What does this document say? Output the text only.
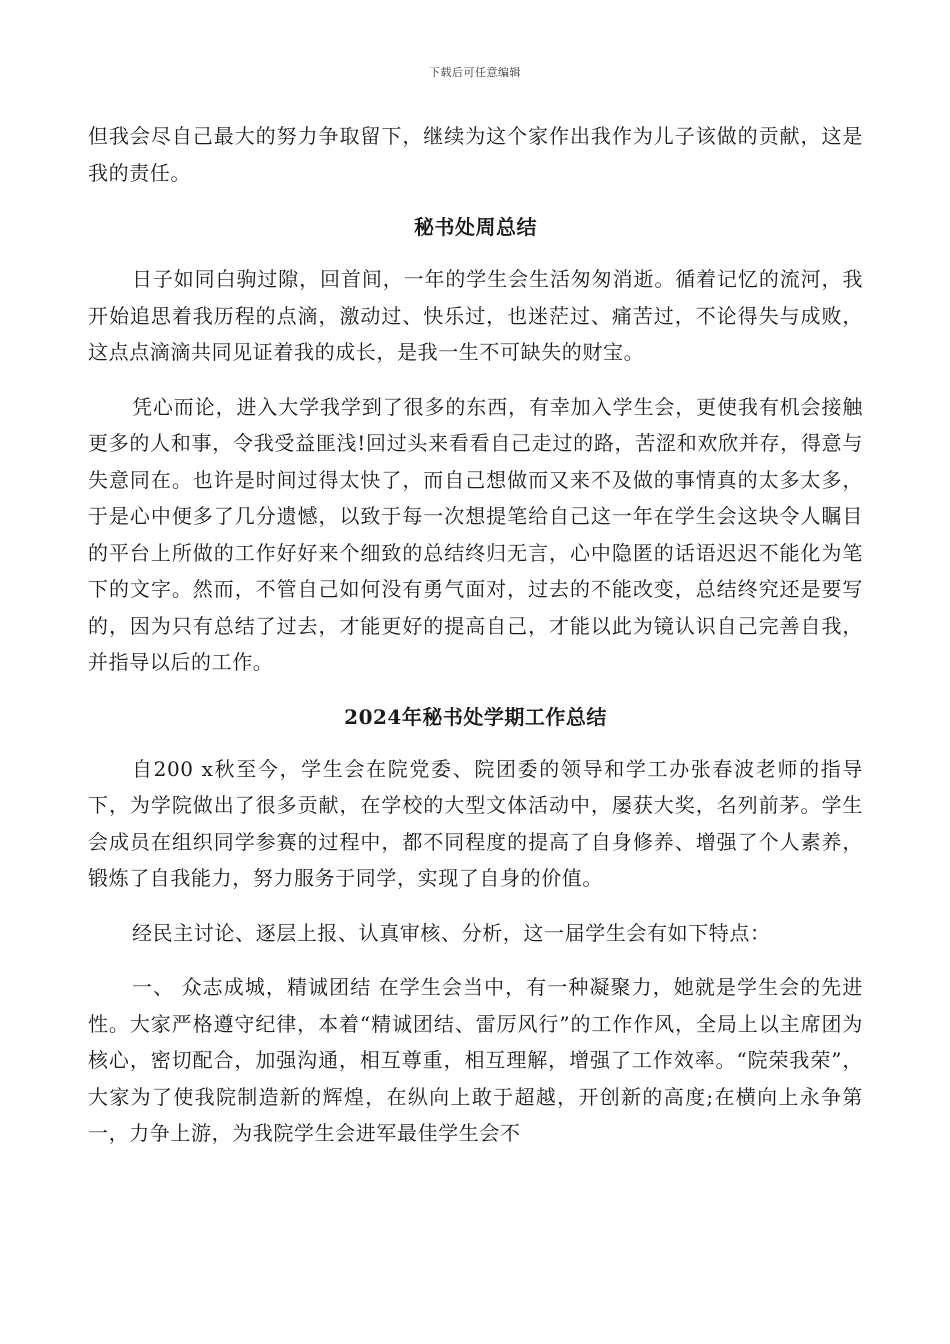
下载后可任意编辑

但我会尽自己最大的努力争取留下，继续为这个家作出我作为儿子该做的贡献，这是我的责任。

秘书处周总结

日子如同白驹过隙，回首间，一年的学生会生活匆匆消逝。循着记忆的流河，我开始追思着我历程的点滴，激动过、快乐过，也迷茫过、痛苦过，不论得失与成败，这点点滴滴共同见证着我的成长，是我一生不可缺失的财宝。

凭心而论，进入大学我学到了很多的东西，有幸加入学生会，更使我有机会接触更多的人和事，令我受益匪浅!回过头来看看自己走过的路，苦涩和欢欣并存，得意与失意同在。也许是时间过得太快了，而自己想做而又来不及做的事情真的太多太多，于是心中便多了几分遗憾，以致于每一次想提笔给自己这一年在学生会这块令人瞩目的平台上所做的工作好好来个细致的总结终归无言，心中隐匿的话语迟迟不能化为笔下的文字。然而，不管自己如何没有勇气面对，过去的不能改变，总结终究还是要写的，因为只有总结了过去，才能更好的提高自己，才能以此为镜认识自己完善自我，并指导以后的工作。

2024年秘书处学期工作总结

自200 x秋至今，学生会在院党委、院团委的领导和学工办张春波老师的指导下，为学院做出了很多贡献，在学校的大型文体活动中，屡获大奖，名列前茅。学生会成员在组织同学参赛的过程中，都不同程度的提高了自身修养、增强了个人素养，锻炼了自我能力，努力服务于同学，实现了自身的价值。

经民主讨论、逐层上报、认真审核、分析，这一届学生会有如下特点：

一、 众志成城，精诚团结 在学生会当中，有一种凝聚力，她就是学生会的先进性。大家严格遵守纪律，本着“精诚团结、雷厉风行”的工作作风，全局上以主席团为核心，密切配合，加强沟通，相互尊重，相互理解，增强了工作效率。“院荣我荣”，大家为了使我院制造新的辉煌，在纵向上敢于超越，开创新的高度;在横向上永争第一，力争上游，为我院学生会进军最佳学生会不
